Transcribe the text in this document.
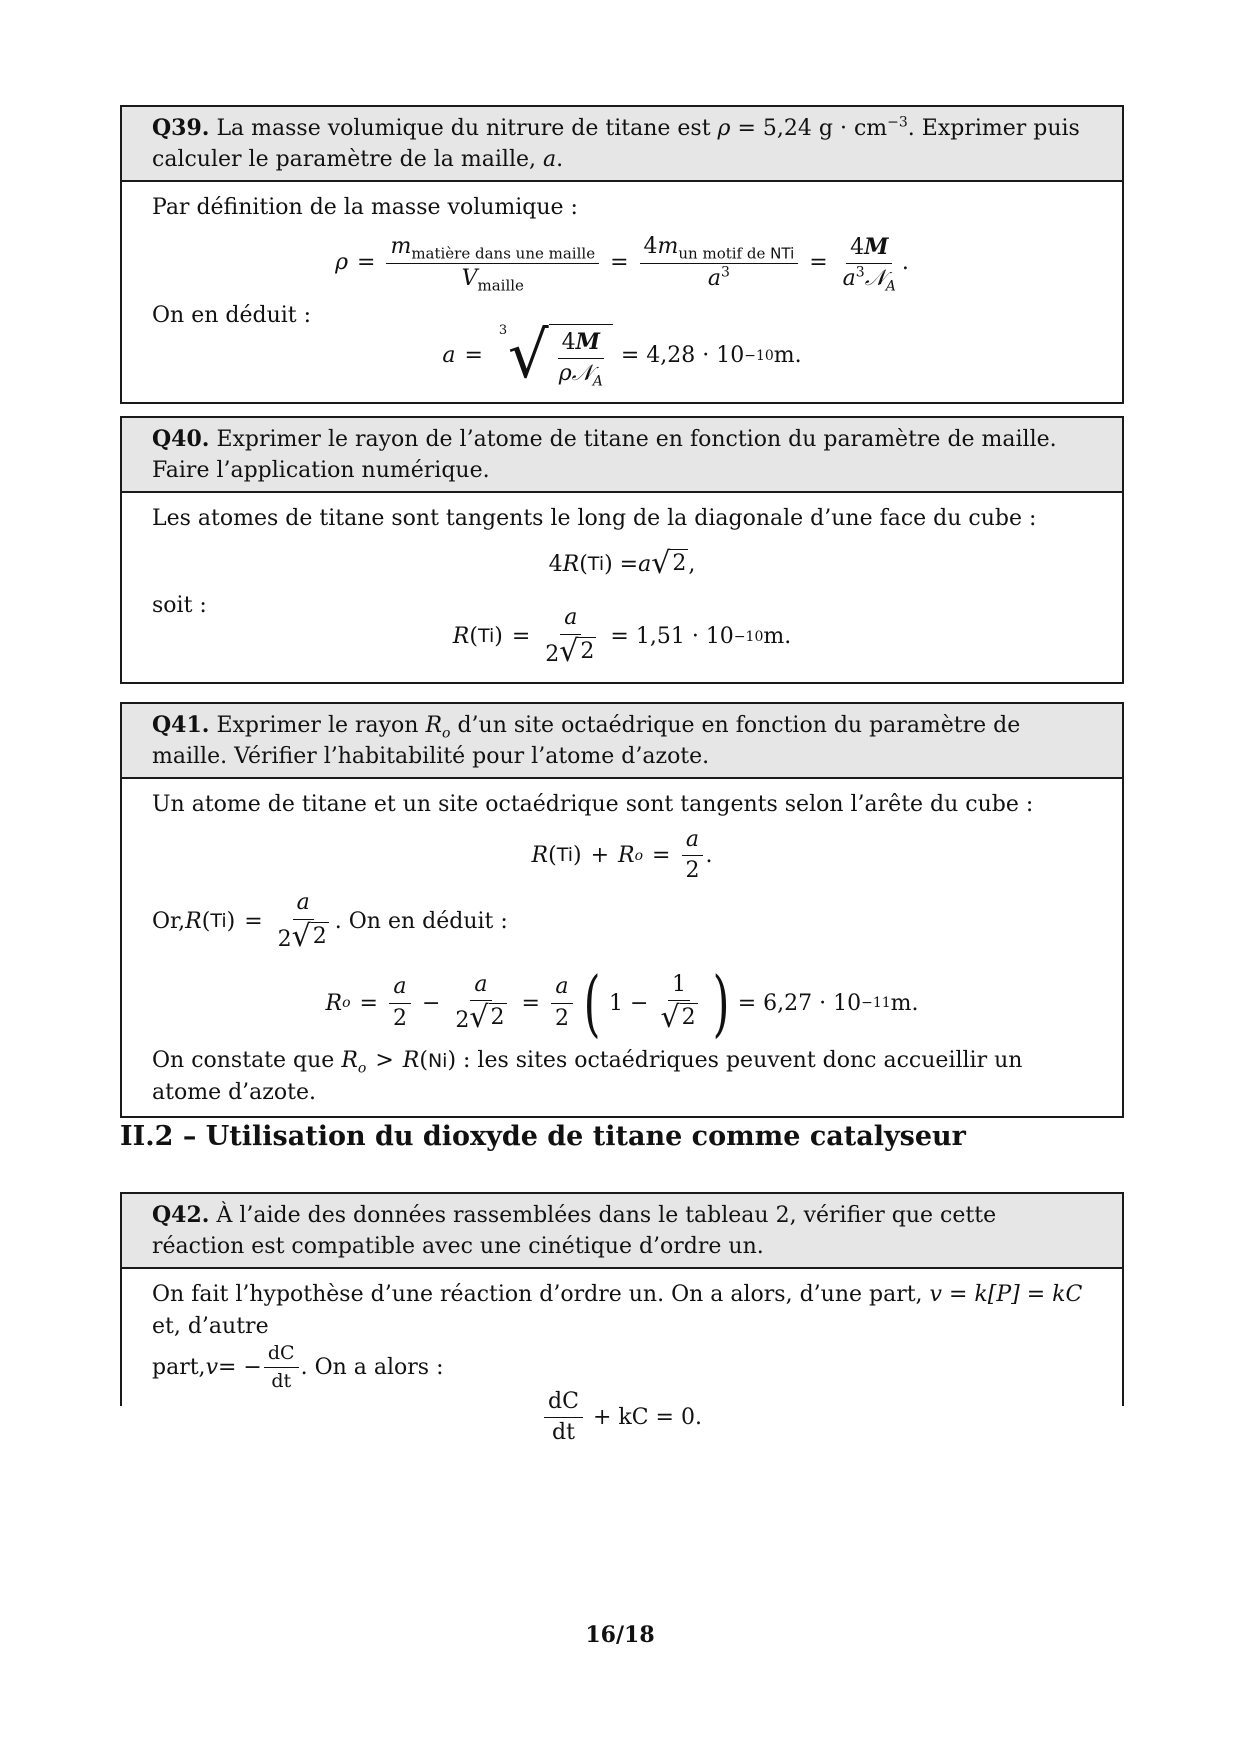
Q39. La masse volumique du nitrure de titane est ρ = 5,24 $g \cdot cm^{-3}$. Exprimer puis calculer le paramètre de la maille, a.

Par définition de la masse volumique :

$\rho = \frac{m_{matière dans une maille}}{V_{maille}} = \frac{4m_{un motif de NTi}}{a^3} = \frac{4M}{a^3𝒩_A}$ .

On en déduit :

a =
3 √ $\frac{4M}{\rho 𝒩_A} = 4,28 \cdot 10 -10$ m.
Q40. Exprimer le rayon de l’atome de titane en fonction du paramètre de maille. Faire l’application numérique.

Les atomes de titane sont tangents le long de la diagonale d’une face du cube :

4 R ( Ti ) = a √ 2 ,

soit :

R ( Ti ) = $\frac{a}{2 √ 2} = 1,51 \cdot 10 -10$ m.
Q41. Exprimer le rayon $R_o$ d’un site octaédrique en fonction du paramètre de maille. Vérifier l’habitabilité pour l’atome d’azote.

Un atome de titane et un site octaédrique sont tangents selon l’arête du cube :

R ( Ti ) + R $o = \frac{a}{2}$ .
Or, R ( Ti ) = $\frac{a}{2 √ 2}$ . On en déduit :
R $o = \frac{a}{2} - \frac{a}{2 √ 2} = \frac{a}{2}$ ( $1 - \frac{1}{√ 2}$ ) = 6,27 · 10 −11 m.

On constate que $R_o > R(Ni)$ : les sites octaédriques peuvent donc accueillir un atome d’azote.

II.2 – Utilisation du dioxyde de titane comme catalyseur
Q42. À l’aide des données rassemblées dans le tableau 2, vérifier que cette réaction est compatible avec une cinétique d’ordre un.

On fait l’hypothèse d’une réaction d’ordre un. On a alors, d’une part, v = k[P] = kC et, d’autre

part, v = − $\frac{dC}{dt}$ . On a alors :
$\frac{dC}{dt}$ + kC = 0.
16/18
